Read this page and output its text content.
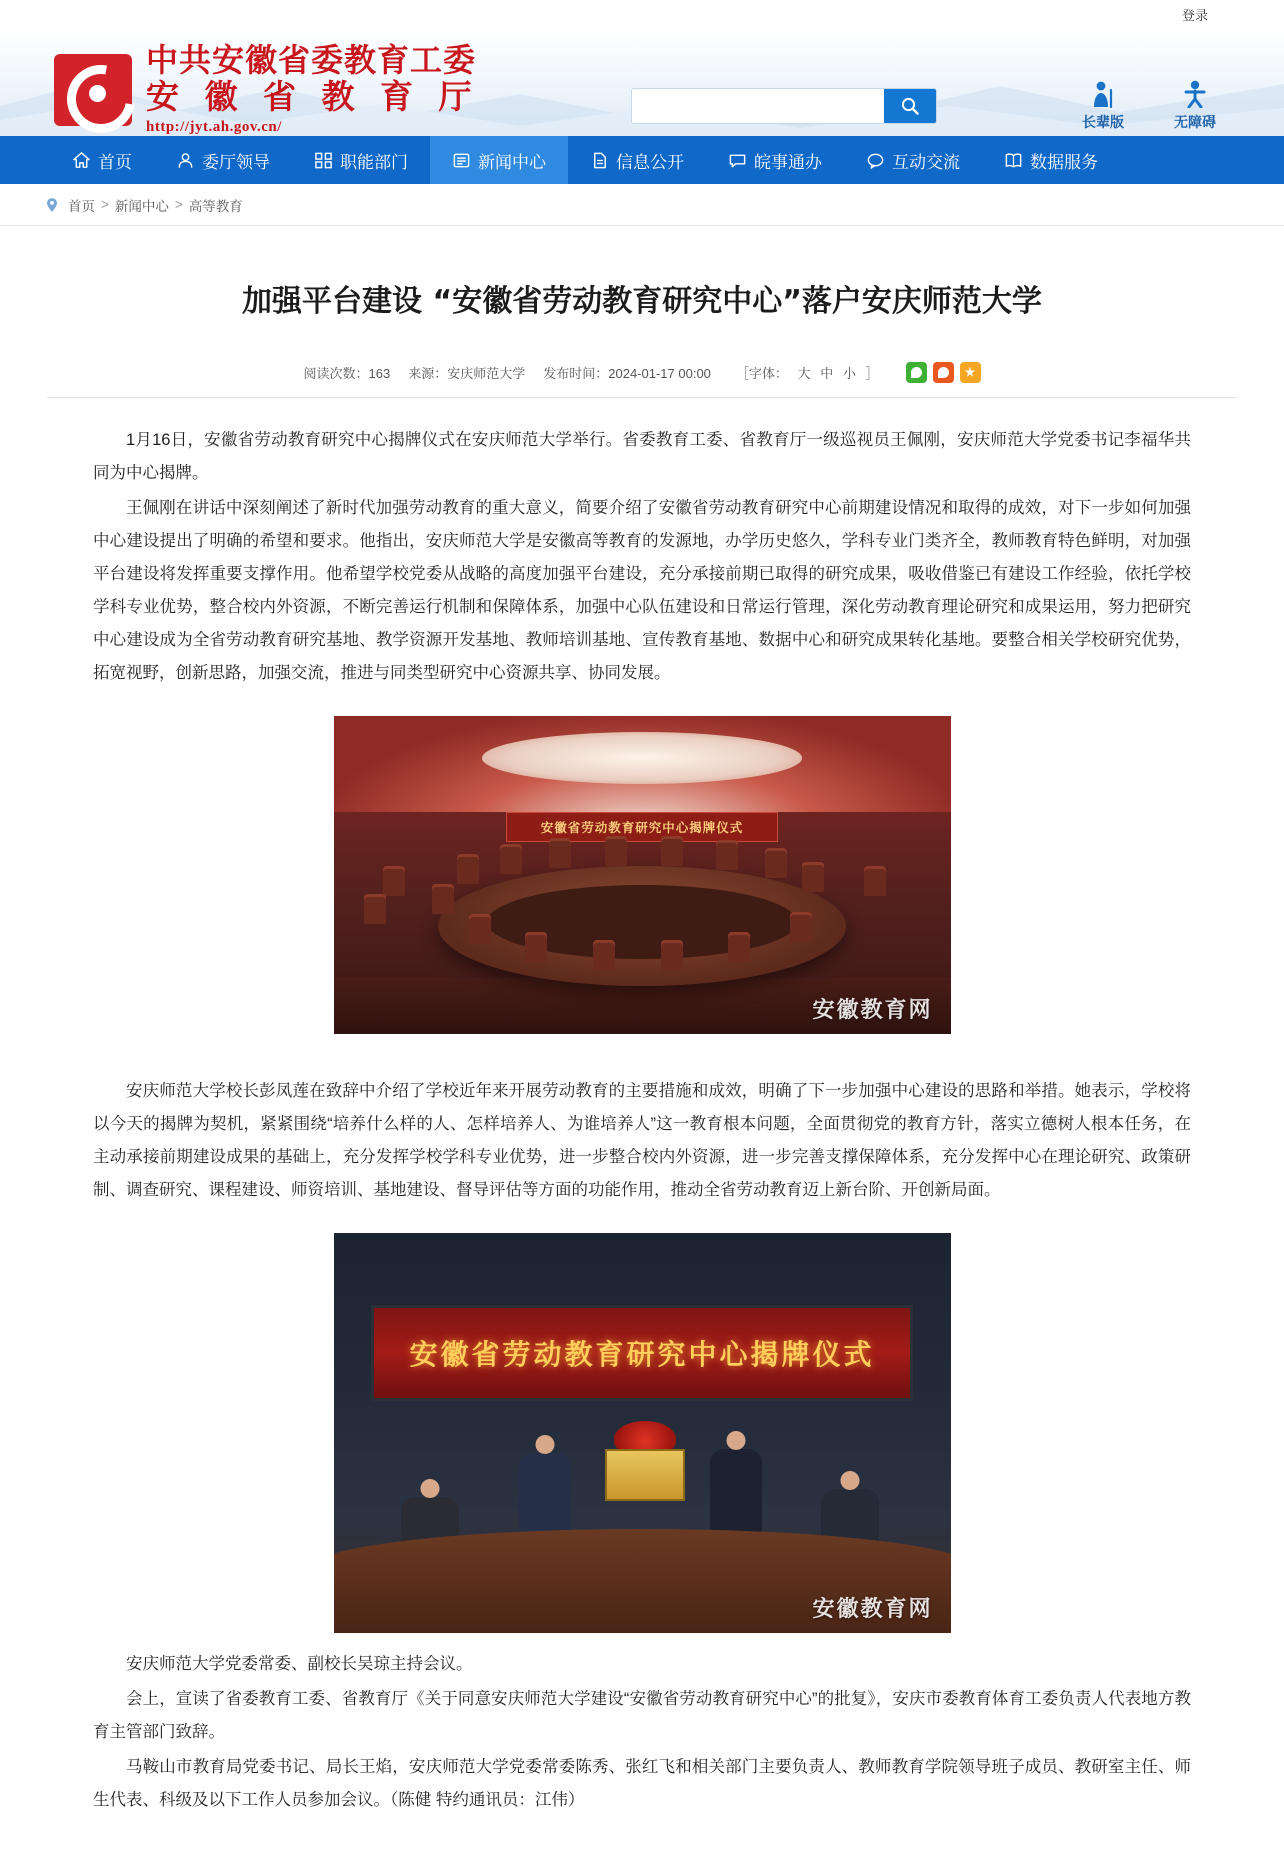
登录
中共安徽省委教育工委
安 徽 省 教 育 厅
http://jyt.ah.gov.cn/	长辈版	无障碍
首页	委厅领导	职能部门	新闻中心	信息公开	皖事通办	互动交流	数据服务
首页 > 新闻中心 > 高等教育
加强平台建设 “安徽省劳动教育研究中心”落户安庆师范大学
阅读次数：163 来源：安庆师范大学 发布时间：2024-01-17 00:00 ［字体： 大 中 小 ］

1月16日，安徽省劳动教育研究中心揭牌仪式在安庆师范大学举行。省委教育工委、省教育厅一级巡视员王佩刚，安庆师范大学党委书记李福华共同为中心揭牌。

王佩刚在讲话中深刻阐述了新时代加强劳动教育的重大意义，简要介绍了安徽省劳动教育研究中心前期建设情况和取得的成效，对下一步如何加强中心建设提出了明确的希望和要求。他指出，安庆师范大学是安徽高等教育的发源地，办学历史悠久，学科专业门类齐全，教师教育特色鲜明，对加强平台建设将发挥重要支撑作用。他希望学校党委从战略的高度加强平台建设，充分承接前期已取得的研究成果，吸收借鉴已有建设工作经验，依托学校学科专业优势，整合校内外资源，不断完善运行机制和保障体系，加强中心队伍建设和日常运行管理，深化劳动教育理论研究和成果运用，努力把研究中心建设成为全省劳动教育研究基地、教学资源开发基地、教师培训基地、宣传教育基地、数据中心和研究成果转化基地。要整合相关学校研究优势，拓宽视野，创新思路，加强交流，推进与同类型研究中心资源共享、协同发展。

安徽省劳动教育研究中心揭牌仪式
安徽教育网

安庆师范大学校长彭凤莲在致辞中介绍了学校近年来开展劳动教育的主要措施和成效，明确了下一步加强中心建设的思路和举措。她表示，学校将以今天的揭牌为契机，紧紧围绕“培养什么样的人、怎样培养人、为谁培养人”这一教育根本问题，全面贯彻党的教育方针，落实立德树人根本任务，在主动承接前期建设成果的基础上，充分发挥学校学科专业优势，进一步整合校内外资源，进一步完善支撑保障体系，充分发挥中心在理论研究、政策研制、调查研究、课程建设、师资培训、基地建设、督导评估等方面的功能作用，推动全省劳动教育迈上新台阶、开创新局面。

安徽省劳动教育研究中心揭牌仪式
安徽教育网

安庆师范大学党委常委、副校长吴琼主持会议。

会上，宣读了省委教育工委、省教育厅《关于同意安庆师范大学建设“安徽省劳动教育研究中心”的批复》，安庆市委教育体育工委负责人代表地方教育主管部门致辞。

马鞍山市教育局党委书记、局长王焰，安庆师范大学党委常委陈秀、张红飞和相关部门主要负责人、教师教育学院领导班子成员、教研室主任、师生代表、科级及以下工作人员参加会议。（陈健 特约通讯员：江伟）
